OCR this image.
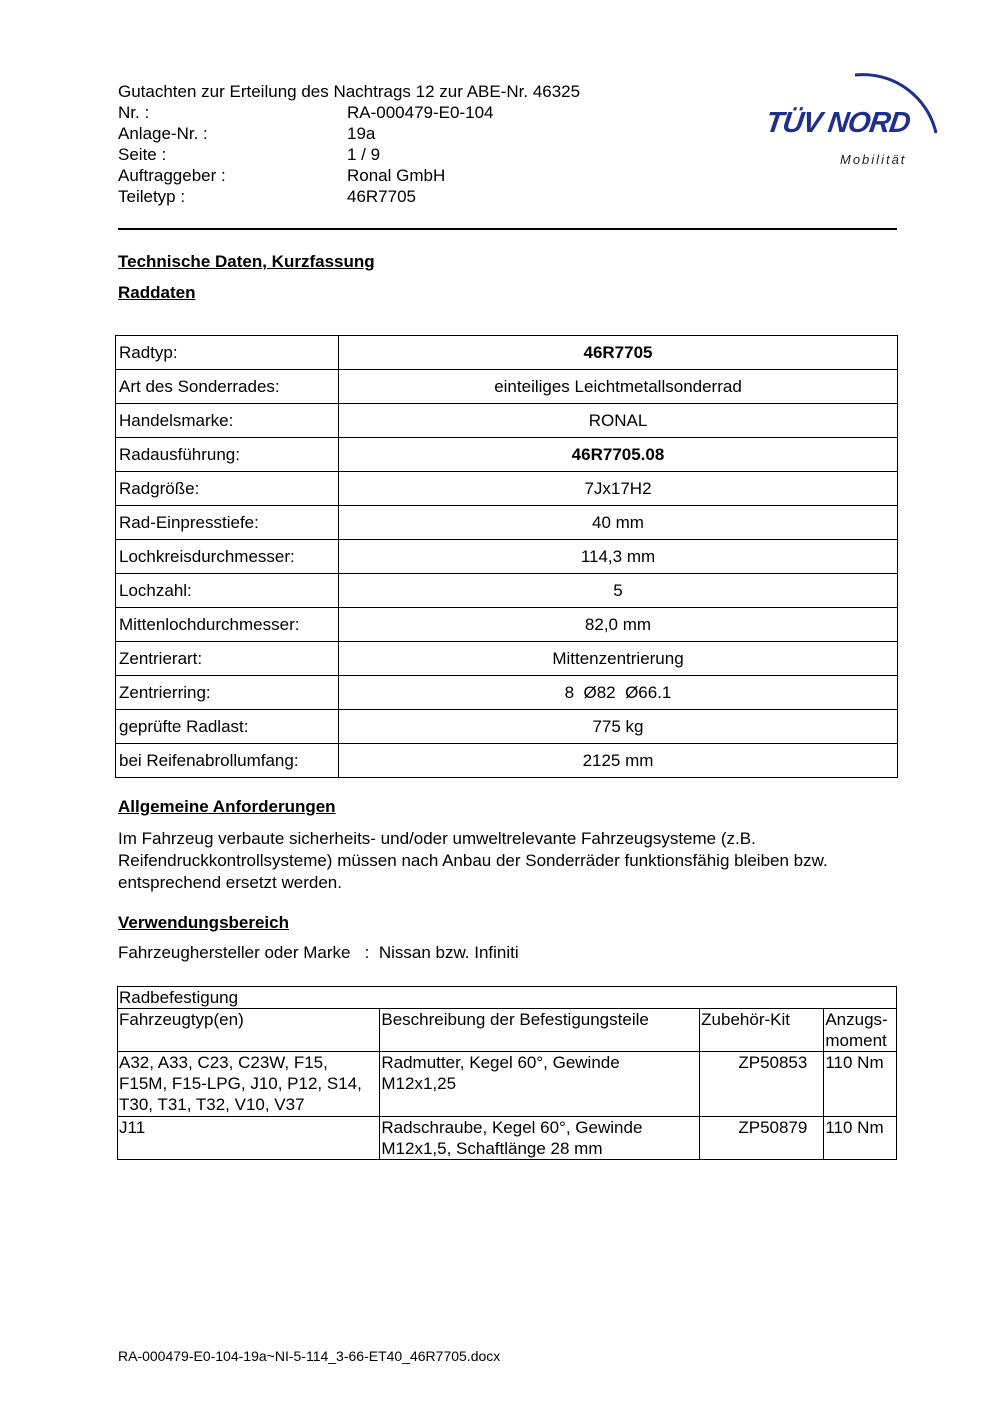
Gutachten zur Erteilung des Nachtrags 12 zur ABE-Nr. 46325
Nr. :	RA-000479-E0-104
Anlage-Nr. :	19a
Seite :	1 / 9
Auftraggeber :	Ronal GmbH
Teiletyp :	46R7705
TÜV NORD
Mobilität
Technische Daten, Kurzfassung
Raddaten
Radtyp:	46R7705
Art des Sonderrades:	einteiliges Leichtmetallsonderrad
Handelsmarke:	RONAL
Radausführung:	46R7705.08
Radgröße:	7Jx17H2
Rad-Einpresstiefe:	40 mm
Lochkreisdurchmesser:	114,3 mm
Lochzahl:	5
Mittenlochdurchmesser:	82,0 mm
Zentrierart:	Mittenzentrierung
Zentrierring:	8  Ø82  Ø66.1
geprüfte Radlast:	775 kg
bei Reifenabrollumfang:	2125 mm
Allgemeine Anforderungen
Im Fahrzeug verbaute sicherheits- und/oder umweltrelevante Fahrzeugsysteme (z.B. Reifendruckkontrollsysteme) müssen nach Anbau der Sonderräder funktionsfähig bleiben bzw. entsprechend ersetzt werden.
Verwendungsbereich
Fahrzeughersteller oder Marke : Nissan bzw. Infiniti
Radbefestigung			
Fahrzeugtyp(en)	Beschreibung der Befestigungsteile	Zubehör-Kit	Anzugs-moment
A32, A33, C23, C23W, F15, F15M, F15-LPG, J10, P12, S14, T30, T31, T32, V10, V37	Radmutter, Kegel 60°, Gewinde M12x1,25	ZP50853	110 Nm
J11	Radschraube, Kegel 60°, Gewinde M12x1,5, Schaftlänge 28 mm	ZP50879	110 Nm
RA-000479-E0-104-19a~NI-5-114_3-66-ET40_46R7705.docx
